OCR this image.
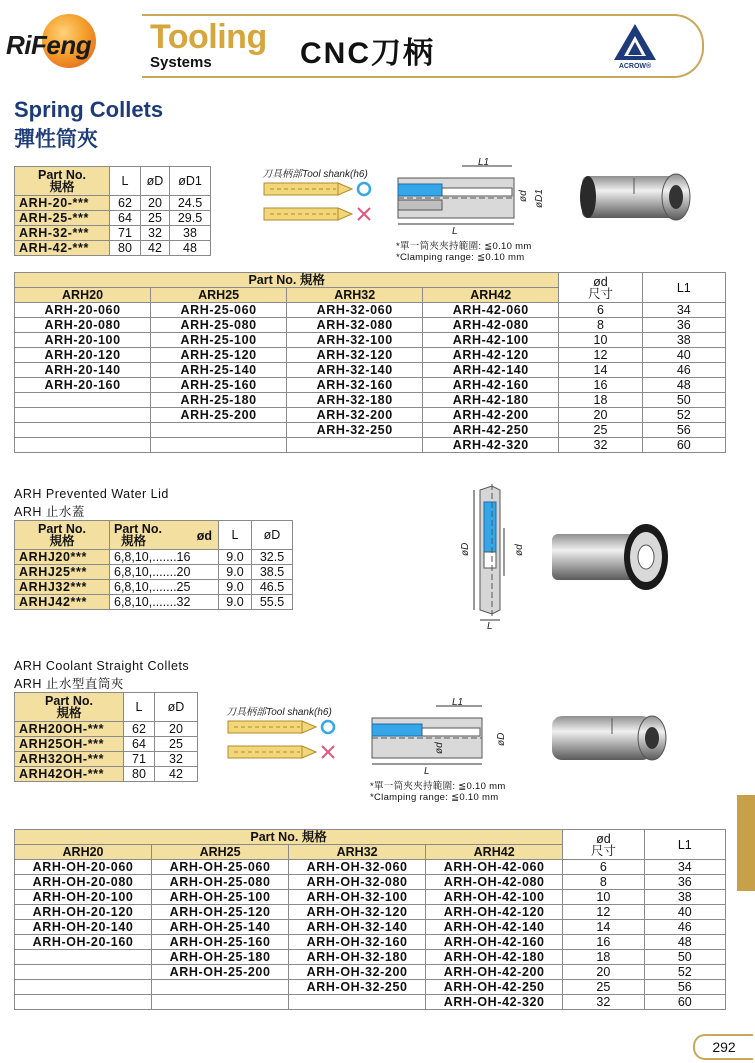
RiFeng Tooling
Systems	CNC刀柄	ACROW®
Spring Collets
彈性筒夾
Part No.
規格	L	øD	øD1
ARH-20-***	62	20	24.5
ARH-25-***	64	25	29.5
ARH-32-***	71	32	38
ARH-42-***	80	42	48
刀具柄部Tool shank(h6)
L1
L
ød øD1
*單一筒夾夾持範圍: ≦0.10 mm
*Clamping range: ≦0.10 mm
Part No. 規格				ød
尺寸	L1
ARH20	ARH25	ARH32	ARH42		
ARH-20-060	ARH-25-060	ARH-32-060	ARH-42-060	6	34
ARH-20-080	ARH-25-080	ARH-32-080	ARH-42-080	8	36
ARH-20-100	ARH-25-100	ARH-32-100	ARH-42-100	10	38
ARH-20-120	ARH-25-120	ARH-32-120	ARH-42-120	12	40
ARH-20-140	ARH-25-140	ARH-32-140	ARH-42-140	14	46
ARH-20-160	ARH-25-160	ARH-32-160	ARH-42-160	16	48
	ARH-25-180	ARH-32-180	ARH-42-180	18	50
	ARH-25-200	ARH-32-200	ARH-42-200	20	52
		ARH-32-250	ARH-42-250	25	56
			ARH-42-320	32	60
ARH Prevented Water Lid
ARH 止水蓋
Part No.
規格	Part No.
規格 ød	L	øD
ARHJ20***	6,8,10,.......16	9.0	32.5
ARHJ25***	6,8,10,.......20	9.0	38.5
ARHJ32***	6,8,10,.......25	9.0	46.5
ARHJ42***	6,8,10,.......32	9.0	55.5
øD	ød
L
ARH Coolant Straight Collets
ARH 止水型直筒夾
Part No.
規格	L	øD
ARH20OH-***	62	20
ARH25OH-***	64	25
ARH32OH-***	71	32
ARH42OH-***	80	42
刀具柄部Tool shank(h6)
L1
L
ød
øD
*單一筒夾夾持範圍: ≦0.10 mm
*Clamping range: ≦0.10 mm
Part No. 規格				ød
尺寸	L1
ARH20	ARH25	ARH32	ARH42		
ARH-OH-20-060	ARH-OH-25-060	ARH-OH-32-060	ARH-OH-42-060	6	34
ARH-OH-20-080	ARH-OH-25-080	ARH-OH-32-080	ARH-OH-42-080	8	36
ARH-OH-20-100	ARH-OH-25-100	ARH-OH-32-100	ARH-OH-42-100	10	38
ARH-OH-20-120	ARH-OH-25-120	ARH-OH-32-120	ARH-OH-42-120	12	40
ARH-OH-20-140	ARH-OH-25-140	ARH-OH-32-140	ARH-OH-42-140	14	46
ARH-OH-20-160	ARH-OH-25-160	ARH-OH-32-160	ARH-OH-42-160	16	48
	ARH-OH-25-180	ARH-OH-32-180	ARH-OH-42-180	18	50
	ARH-OH-25-200	ARH-OH-32-200	ARH-OH-42-200	20	52
		ARH-OH-32-250	ARH-OH-42-250	25	56
			ARH-OH-42-320	32	60
292
